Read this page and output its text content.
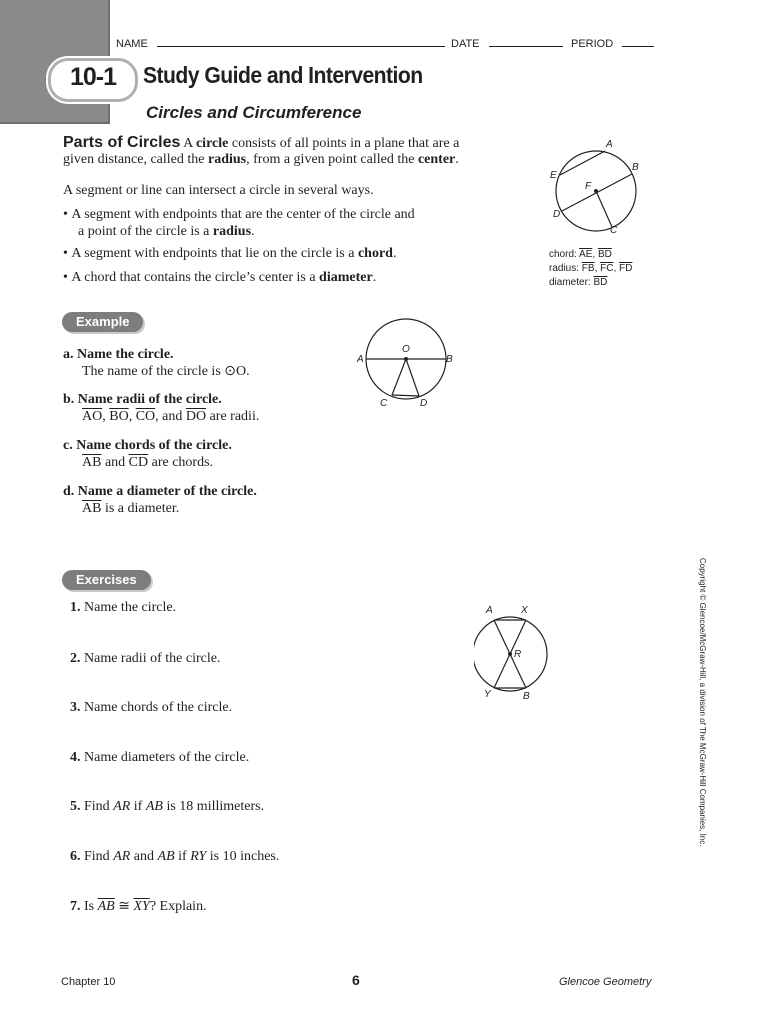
NAME	DATE	PERIOD
10-1	Study Guide and Intervention
Circles and Circumference
Parts of Circles A circle consists of all points in a plane that are a
given distance, called the radius, from a given point called the center.
A segment or line can intersect a circle in several ways.
• A segment with endpoints that are the center of the circle and
a point of the circle is a radius.
• A segment with endpoints that lie on the circle is a chord.
• A chord that contains the circle’s center is a diameter.
A
B
C
D
E
F
chord: $\overline{AE}$, $\overline{BD}$
radius: $\overline{FB}$, $\overline{FC}$, $\overline{FD}$
diameter: $\overline{BD}$
Example
a. Name the circle.
The name of the circle is ⊙O.
b. Name radii of the circle.
$\overline{AO}$, $\overline{BO}$, $\overline{CO}$, and $\overline{DO}$ are radii.
c. Name chords of the circle.
$\overline{AB}$ and $\overline{CD}$ are chords.
d. Name a diameter of the circle.
$\overline{AB}$ is a diameter.
A
O
B
C	D
Exercises
1. Name the circle.
2. Name radii of the circle.
3. Name chords of the circle.
4. Name diameters of the circle.
5. Find AR if AB is 18 millimeters.
6. Find AR and AB if RY is 10 inches.
7. Is $\overline{AB}$ ≅ $\overline{XY}$? Explain.
A	X
R
Y	B	Copyright © Glencoe/McGraw-Hill, a division of The McGraw-Hill Companies, Inc.
Chapter 10	6	Glencoe Geometry
